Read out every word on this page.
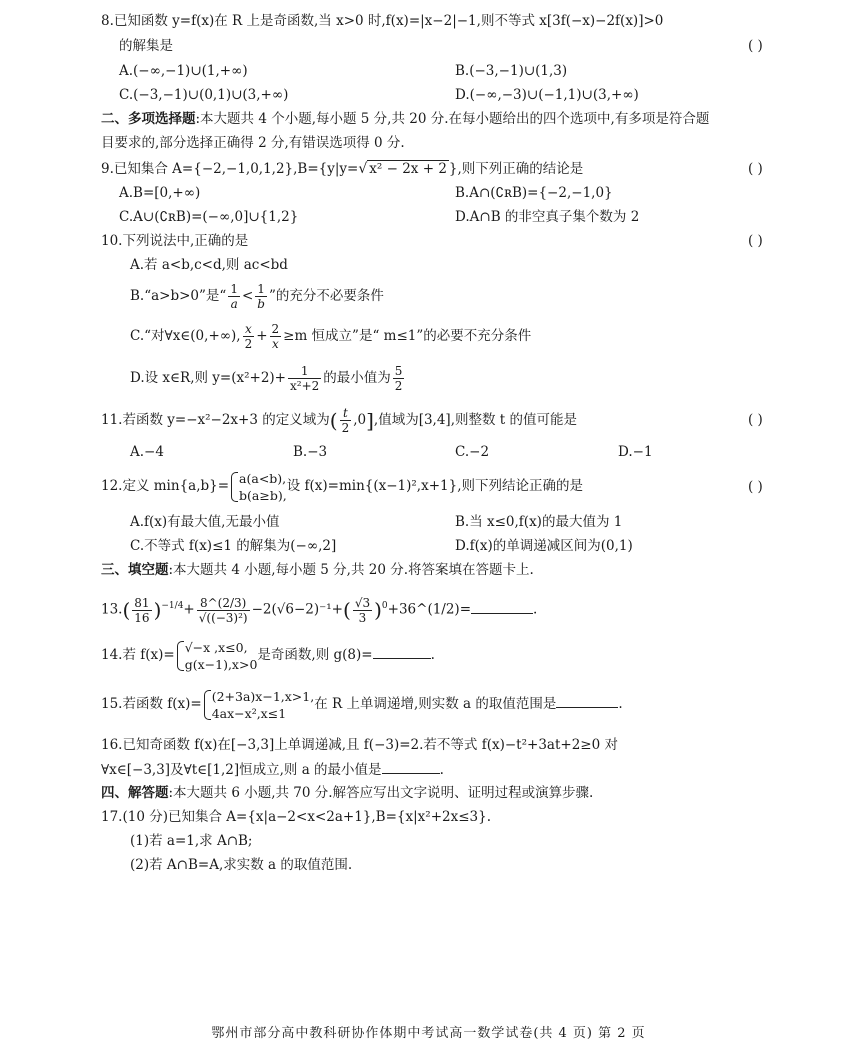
8.已知函数 y=f(x)在 R 上是奇函数,当 x>0 时,f(x)=|x−2|−1,则不等式 x[3f(−x)−2f(x)]>0
的解集是	( )
A.(−∞,−1)∪(1,+∞)	B.(−3,−1)∪(1,3)
C.(−3,−1)∪(0,1)∪(3,+∞)	D.(−∞,−3)∪(−1,1)∪(3,+∞)
二、多项选择题:本大题共 4 个小题,每小题 5 分,共 20 分.在每小题给出的四个选项中,有多项是符合题
目要求的,部分选择正确得 2 分,有错误选项得 0 分.
9.已知集合 A={−2,−1,0,1,2},B={y|y=√ x² − 2x + 2 },则下列正确的结论是	( )
A.B=[0,+∞)	B.A∩(∁ʀB)={−2,−1,0}
C.A∪(∁ʀB)=(−∞,0]∪{1,2}	D.A∩B 的非空真子集个数为 2
10.下列说法中,正确的是	( )
A.若 a<b,c<d,则 ac<bd
B.“a>b>0”是“ $\frac{1}{a} < \frac{1}{b}$ ”的充分不必要条件
C.“对∀x∈(0,+∞), $\frac{x}{2} + \frac{2}{x} \ge m$ 恒成立”是“ m≤1”的必要不充分条件
D.设 x∈R,则 $y=(x^2+2)+ \frac{1}{\text{x²+2}}$ 的最小值为 $\frac{5}{2}$
11.若函数 y=−x²−2x+3 的定义域为( $\frac{t}{2} ,0$],值域为[3,4],则整数 t 的值可能是	( )
A.−4	B.−3	C.−2	D.−1
12.定义 min{a,b}= a(a<b),
b(a≥b),
设 f(x)=min{(x−1)²,x+1},则下列结论正确的是	( )
A.f(x)有最大值,无最小值	B.当 x≤0,f(x)的最大值为 1
C.不等式 f(x)≤1 的解集为(−∞,2]	D.f(x)的单调递减区间为(0,1)
三、填空题:本大题共 4 小题,每小题 5 分,共 20 分.将答案填在答题卡上.
$13.( \frac{81}{16} )^{-1/4}+ \frac{8\^{}(2/3)}{\text{√((−3)²)}} -2(√6-2)^{-1}+( \frac{√3}{3}$ )$^0+36\^{}(1/2)=$	.
14.若 f(x)= √−x ,x≤0,
g(x−1),x>0
是奇函数,则 g(8)=	.
15.若函数 f(x)= (2+3a)x−1,x>1,
4ax−x²,x≤1
在 R 上单调递增,则实数 a 的取值范围是	.
16.已知奇函数 f(x)在[−3,3]上单调递减,且 f(−3)=2.若不等式 f(x)−t²+3at+2≥0 对
∀x∈[−3,3]及∀t∈[1,2]恒成立,则 a 的最小值是	.
四、解答题:本大题共 6 小题,共 70 分.解答应写出文字说明、证明过程或演算步骤.
17.(10 分)已知集合 A={x|a−2<x<2a+1},B={x|x²+2x≤3}.
(1)若 a=1,求 A∩B;
(2)若 A∩B=A,求实数 a 的取值范围.
鄂州市部分高中教科研协作体期中考试高一数学试卷(共 4 页) 第 2 页
